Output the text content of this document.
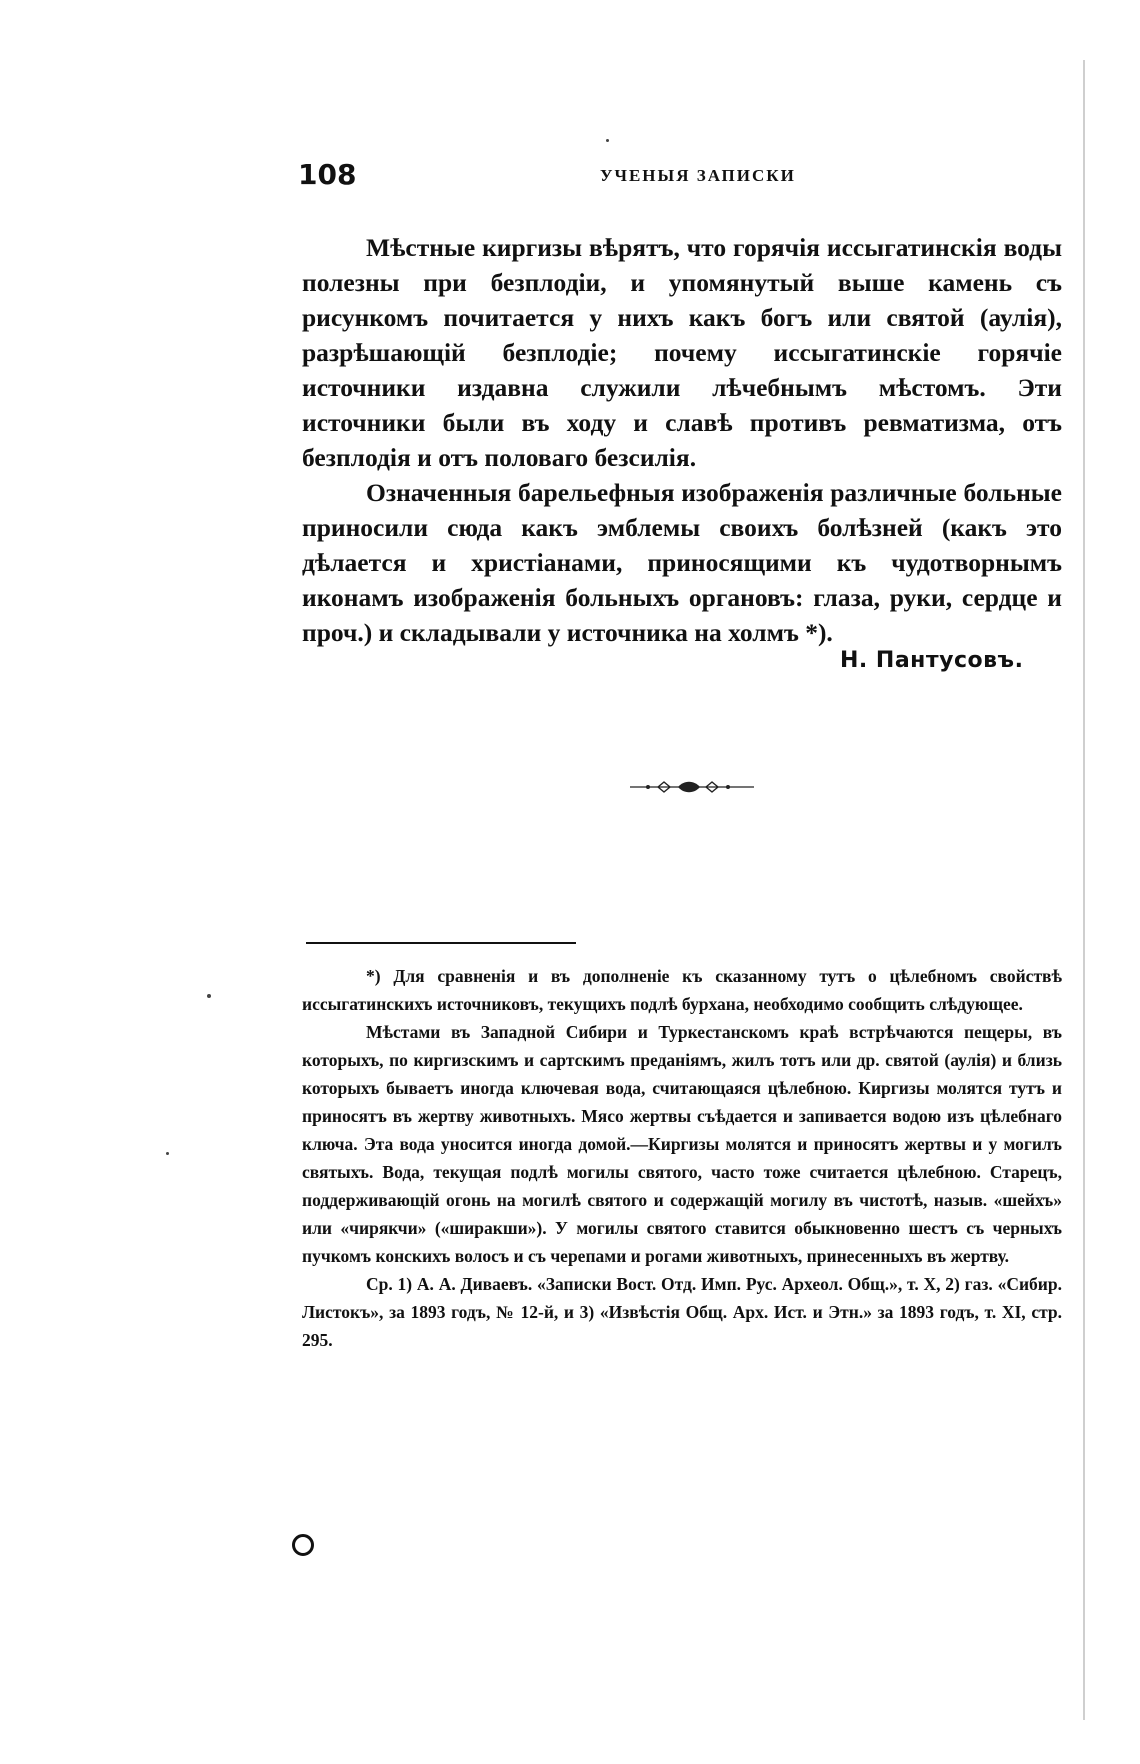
108	УЧЕНЫЯ ЗАПИСКИ

Мѣстные киргизы вѣрятъ, что горячія иссыгатинскія воды полезны при безплодіи, и упомянутый выше камень съ рисункомъ почитается у нихъ какъ богъ или святой (аулія), разрѣшающій безплодіе; почему иссыгатинскіе горячіе источники издавна служили лѣчебнымъ мѣстомъ. Эти источники были въ ходу и славѣ противъ ревматизма, отъ безплодія и отъ половаго безсилія.

Означенныя барельефныя изображенія различные больные приносили сюда какъ эмблемы своихъ болѣзней (какъ это дѣлается и христіанами, приносящими къ чудотворнымъ иконамъ изображенія больныхъ органовъ: глаза, руки, сердце и проч.) и складывали у источника на холмъ *).

Н. Пантусовъ.

*) Для сравненія и въ дополненіе къ сказанному тутъ о цѣлебномъ свойствѣ иссыгатинскихъ источниковъ, текущихъ подлѣ бурхана, необходимо сообщить слѣдующее.

Мѣстами въ Западной Сибири и Туркестанскомъ краѣ встрѣчаются пещеры, въ которыхъ, по киргизскимъ и сартскимъ преданіямъ, жилъ тотъ или др. святой (аулія) и близь которыхъ бываетъ иногда ключевая вода, считающаяся цѣлебною. Киргизы молятся тутъ и приносятъ въ жертву животныхъ. Мясо жертвы съѣдается и запивается водою изъ цѣлебнаго ключа. Эта вода уносится иногда домой.—Киргизы молятся и приносятъ жертвы и у могилъ святыхъ. Вода, текущая подлѣ могилы святого, часто тоже считается цѣлебною. Старецъ, поддерживающій огонь на могилѣ святого и содержащій могилу въ чистотѣ, назыв. «шейхъ» или «чирякчи» («ширакши»). У могилы святого ставится обыкновенно шестъ съ черныхъ пучкомъ конскихъ волосъ и съ черепами и рогами животныхъ, принесенныхъ въ жертву.

Ср. 1) А. А. Диваевъ. «Записки Вост. Отд. Имп. Рус. Археол. Общ.», т. X, 2) газ. «Сибир. Листокъ», за 1893 годъ, № 12-й, и 3) «Извѣстія Общ. Арх. Ист. и Этн.» за 1893 годъ, т. XI, стр. 295.
